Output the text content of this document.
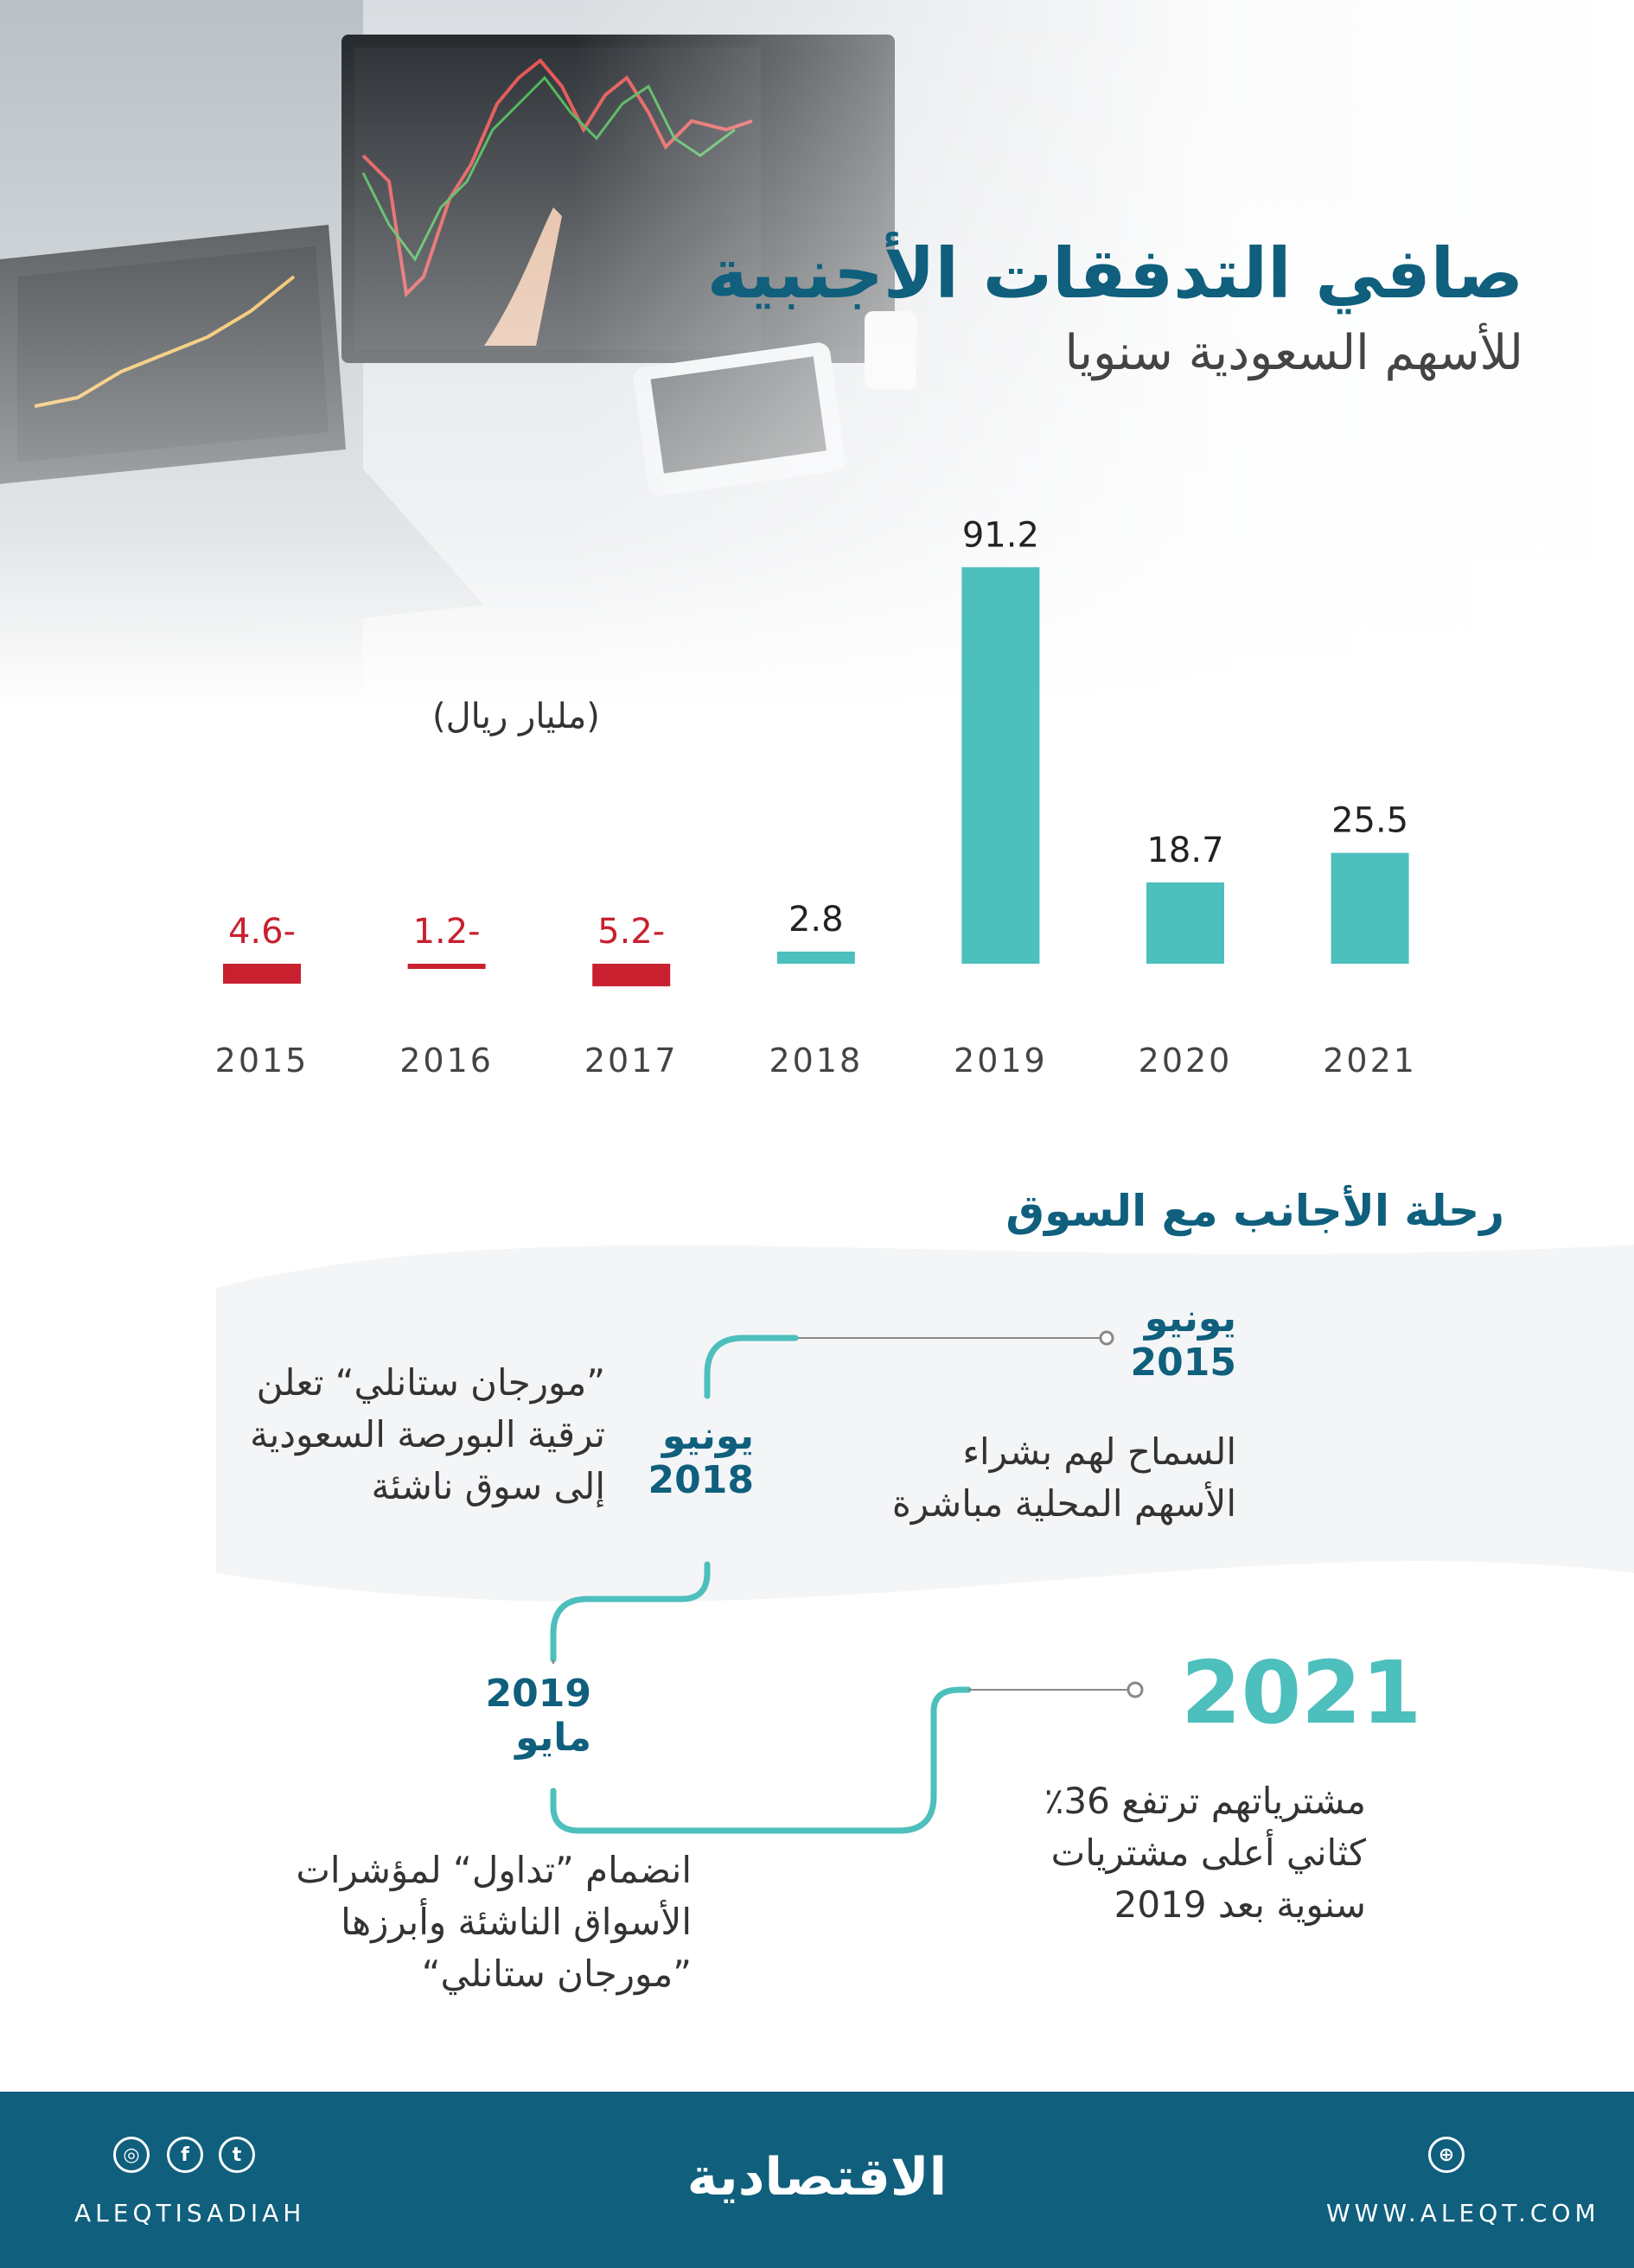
صافي التدفقات الأجنبية
للأسهم السعودية سنويا
(مليار ريال)
4.6-
2015
1.2-
2016
5.2-
2017
2.8
2018
91.2
2019
18.7
2020
25.5
2021
رحلة الأجانب مع السوق
يونيو
2015
السماح لهم بشراء
الأسهم المحلية مباشرة
يونيو
2018
”مورجان ستانلي“ تعلن
ترقية البورصة السعودية
إلى سوق ناشئة
2019
مايو
انضمام ”تداول“ لمؤشرات
الأسواق الناشئة وأبرزها
”مورجان ستانلي“
2021
مشترياتهم ترتفع 36٪
كثاني أعلى مشتريات
سنوية بعد 2019
◎	f	t
ALEQTISADIAH
الاقتصادية	⊕
WWW.ALEQT.COM
